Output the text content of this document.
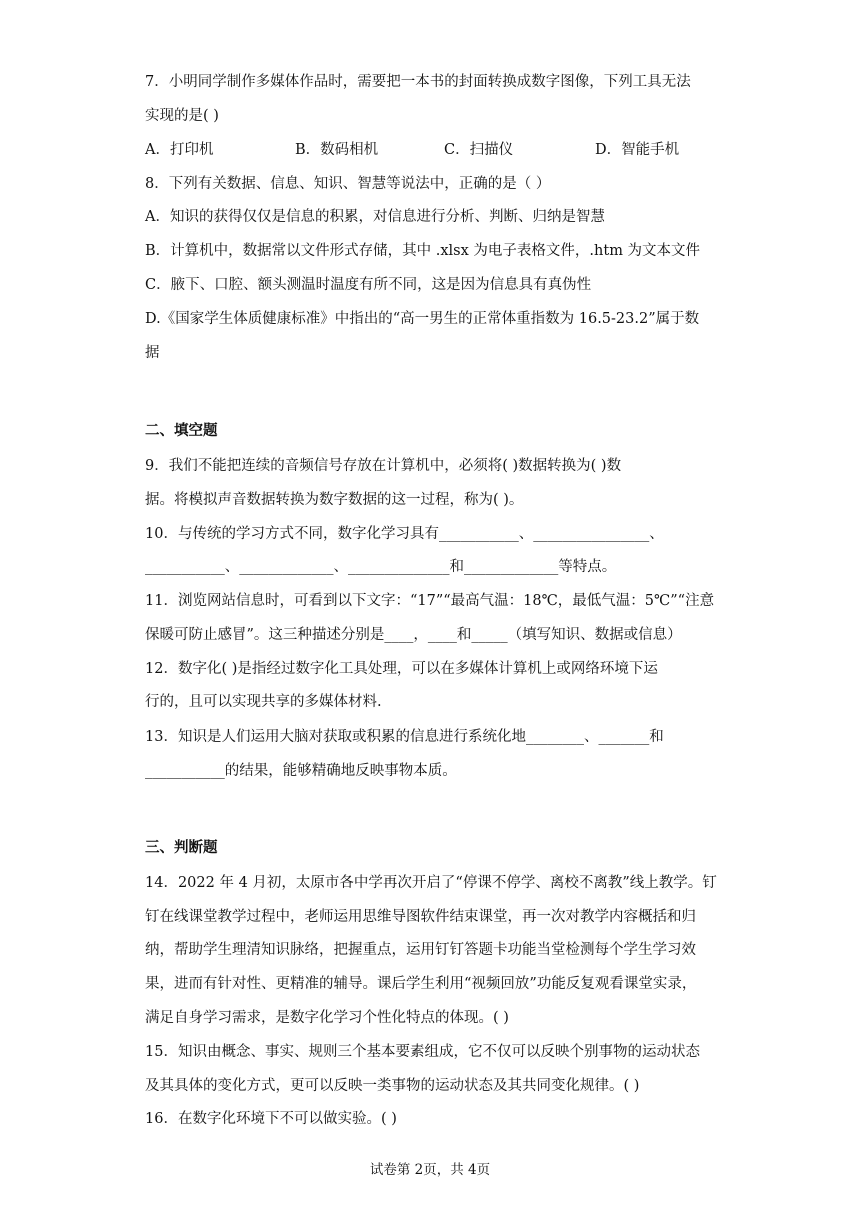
7．小明同学制作多媒体作品时，需要把一本书的封面转换成数字图像，下列工具无法

实现的是( )

A．打印机	B．数码相机	C．扫描仪	D．智能手机

8．下列有关数据、信息、知识、智慧等说法中，正确的是（ ）

A．知识的获得仅仅是信息的积累，对信息进行分析、判断、归纳是智慧

B．计算机中，数据常以文件形式存储，其中 .xlsx 为电子表格文件，.htm 为文本文件

C．腋下、口腔、额头测温时温度有所不同，这是因为信息具有真伪性

D.《国家学生体质健康标准》中指出的“高一男生的正常体重指数为 16.5-23.2”属于数

据

二、填空题

9．我们不能把连续的音频信号存放在计算机中，必须将( )数据转换为( )数

据。将模拟声音数据转换为数字数据的这一过程，称为( )。

10．与传统的学习方式不同，数字化学习具有___________、________________、

___________、_____________、______________和_____________等特点。

11．浏览网站信息时，可看到以下文字：“17”“最高气温：18℃，最低气温：5℃”“注意

保暖可防止感冒”。这三种描述分别是____，____和_____（填写知识、数据或信息）

12．数字化( )是指经过数字化工具处理，可以在多媒体计算机上或网络环境下运

行的，且可以实现共享的多媒体材料.

13．知识是人们运用大脑对获取或积累的信息进行系统化地________、_______和

___________的结果，能够精确地反映事物本质。

三、判断题

14．2022 年 4 月初，太原市各中学再次开启了“停课不停学、离校不离教”线上教学。钉

钉在线课堂教学过程中，老师运用思维导图软件结束课堂，再一次对教学内容概括和归

纳，帮助学生理清知识脉络，把握重点，运用钉钉答题卡功能当堂检测每个学生学习效

果，进而有针对性、更精准的辅导。课后学生利用“视频回放”功能反复观看课堂实录，

满足自身学习需求，是数字化学习个性化特点的体现。( )

15．知识由概念、事实、规则三个基本要素组成，它不仅可以反映个别事物的运动状态

及其具体的变化方式，更可以反映一类事物的运动状态及其共同变化规律。( )

16．在数字化环境下不可以做实验。( )

试卷第 2页，共 4页
